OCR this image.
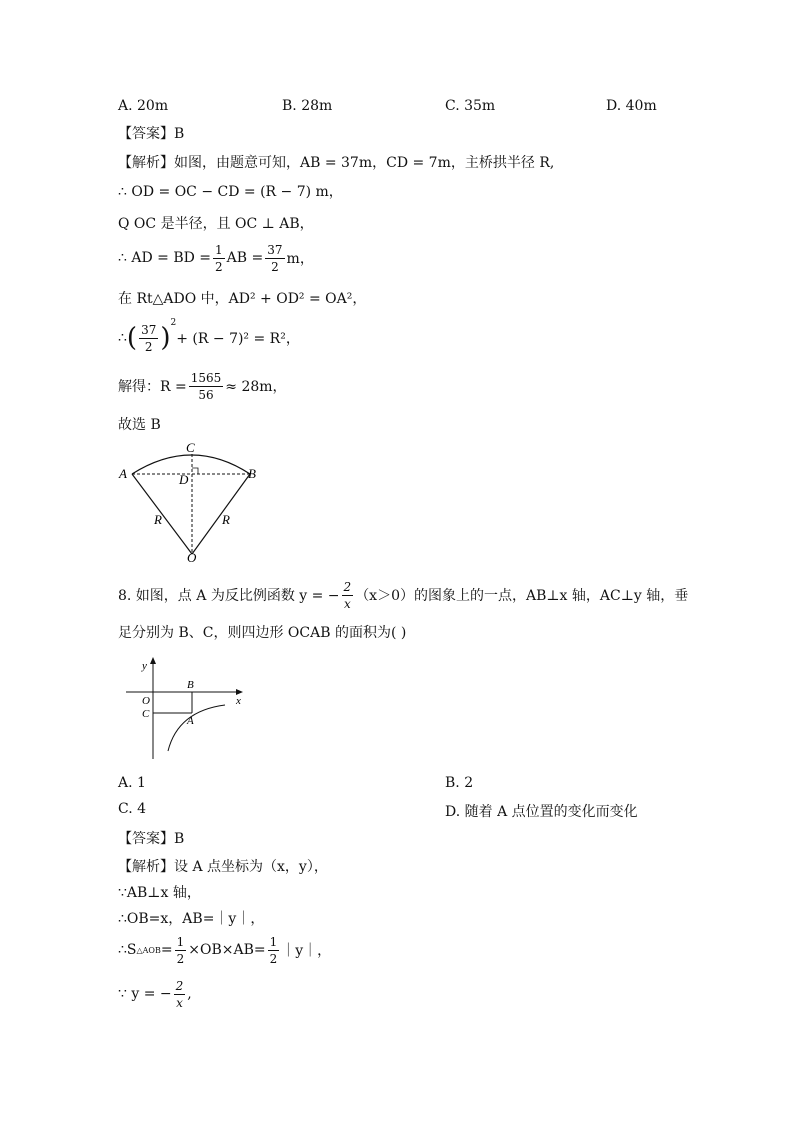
A. 20m	B. 28m	C. 35m	D. 40m
【答案】B
【解析】如图，由题意可知，AB = 37m，CD = 7m，主桥拱半径 R,
∴ OD = OC − CD = (R − 7) m，
Q OC 是半径，且 OC ⊥ AB，
∴ AD = BD = $\frac{1}{2}$ AB = $\frac{37}{2}$ m，
在 Rt△ADO 中，AD² + OD² = OA²，
∴ ( $\frac{37}{2} )^2$
+ (R − 7)² = R²，
解得：$R = \frac{1565}{56} \approx 28m$，
故选 B
A	B
C
D
O
R	R
8. 如图，点 A 为反比例函数 y = − $\frac{2}{x} (x>0)$的图象上的一点，AB⊥x 轴，AC⊥y 轴，垂
足分别为 B、C，则四边形 OCAB 的面积为( )
y
x
O
B
C
A
A. 1	B. 2
C. 4	D. 随着 A 点位置的变化而变化
【答案】B
【解析】设 A 点坐标为（x，y），
∵AB⊥x 轴，
∴OB=x，AB=｜y｜，
∴S △AOB = $\frac{1}{2} \times OB\times AB= \frac{1}{2}$ ｜y｜，
∵ y = − $\frac{2}{x}$ ,
